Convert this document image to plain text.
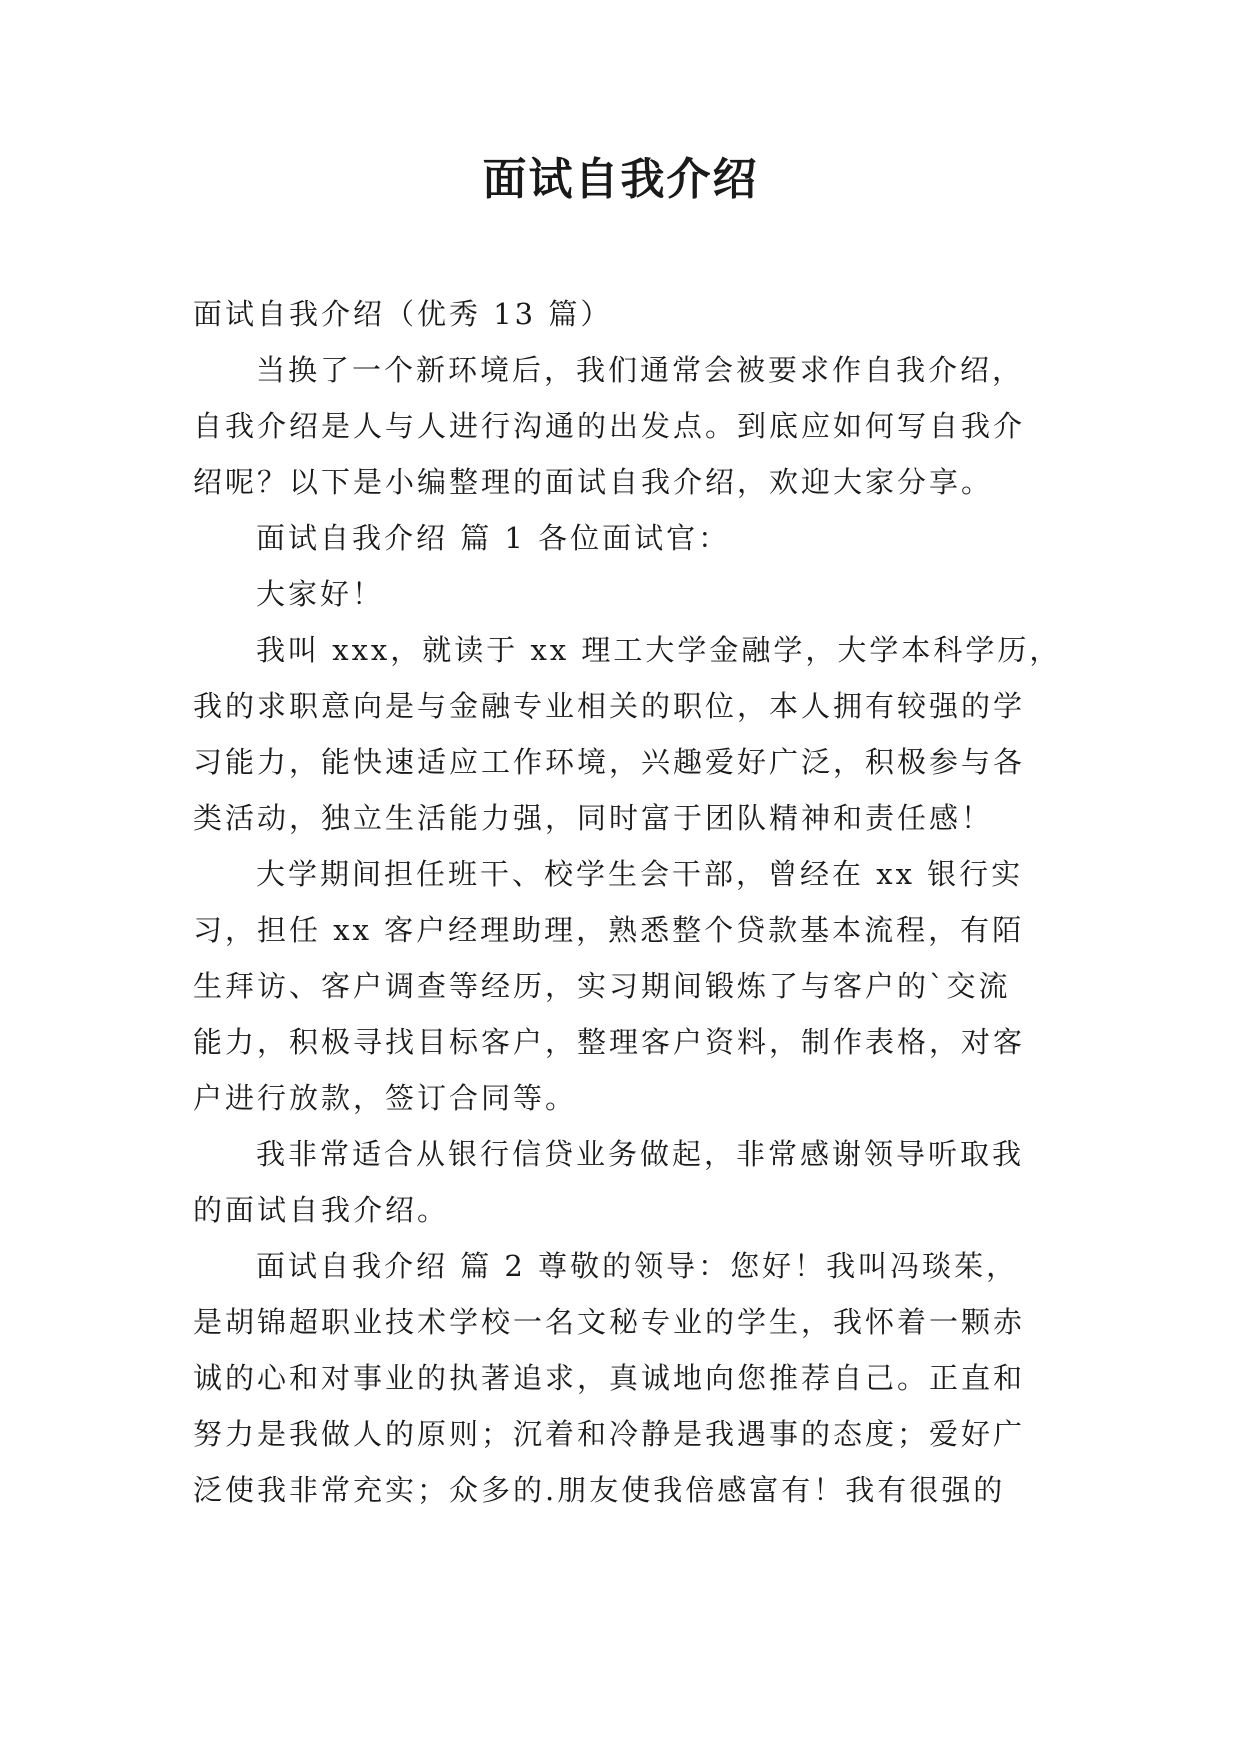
面试自我介绍
面试自我介绍（优秀 13 篇）
当换了一个新环境后，我们通常会被要求作自我介绍，
自我介绍是人与人进行沟通的出发点。到底应如何写自我介
绍呢？以下是小编整理的面试自我介绍，欢迎大家分享。
面试自我介绍 篇 1 各位面试官：
大家好！
我叫 xxx，就读于 xx 理工大学金融学，大学本科学历，
我的求职意向是与金融专业相关的职位，本人拥有较强的学
习能力，能快速适应工作环境，兴趣爱好广泛，积极参与各
类活动，独立生活能力强，同时富于团队精神和责任感！
大学期间担任班干、校学生会干部，曾经在 xx 银行实
习，担任 xx 客户经理助理，熟悉整个贷款基本流程，有陌
生拜访、客户调查等经历，实习期间锻炼了与客户的`交流
能力，积极寻找目标客户，整理客户资料，制作表格，对客
户进行放款，签订合同等。
我非常适合从银行信贷业务做起，非常感谢领导听取我
的面试自我介绍。
面试自我介绍 篇 2 尊敬的领导：您好！我叫冯琰茱，
是胡锦超职业技术学校一名文秘专业的学生，我怀着一颗赤
诚的心和对事业的执著追求，真诚地向您推荐自己。正直和
努力是我做人的原则；沉着和冷静是我遇事的态度；爱好广
泛使我非常充实；众多的.朋友使我倍感富有！我有很强的
